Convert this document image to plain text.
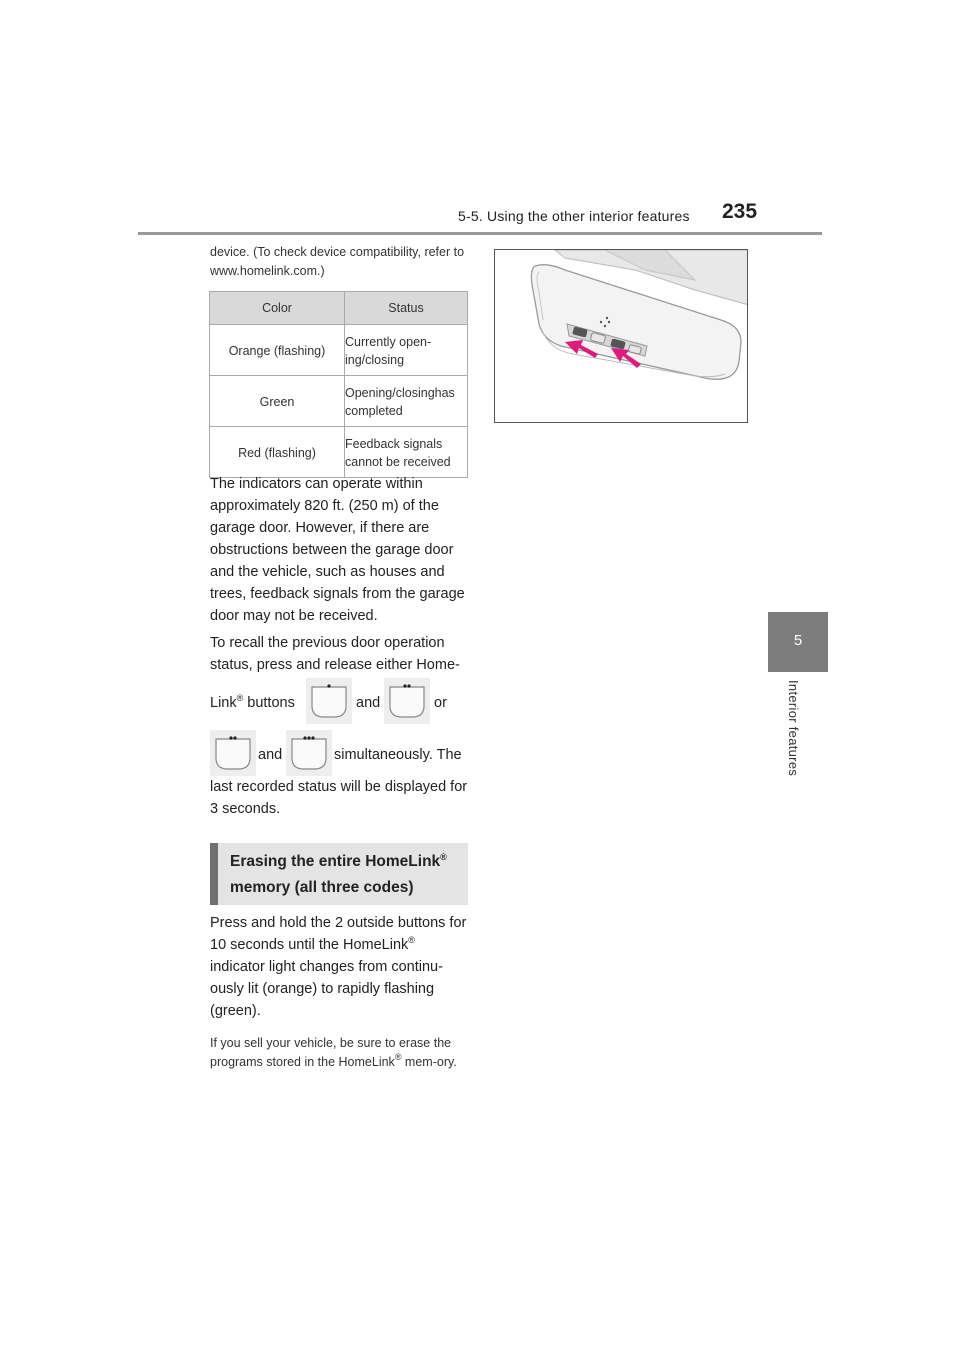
5-5. Using the other interior features 235
5
Interior features
device. (To check device compatibility, refer to www.homelink.com.)
Color	Status
Orange (flashing)	Currently open-ing/closing
Green	Opening/closinghas completed
Red (flashing)	Feedback signals cannot be received
The indicators can operate within approximately 820 ft. (250 m) of the garage door. However, if there are obstructions between the garage door and the vehicle, such as houses and trees, feedback signals from the garage door may not be received.
To recall the previous door operation status, press and release either Home-
Link® buttons	and	or
and	simultaneously. The
last recorded status will be displayed for 3 seconds.
Erasing the entire HomeLink®
memory (all three codes)
Press and hold the 2 outside buttons for 10 seconds until the HomeLink® indicator light changes from continu-ously lit (orange) to rapidly flashing (green).
If you sell your vehicle, be sure to erase the programs stored in the HomeLink® mem-ory.
